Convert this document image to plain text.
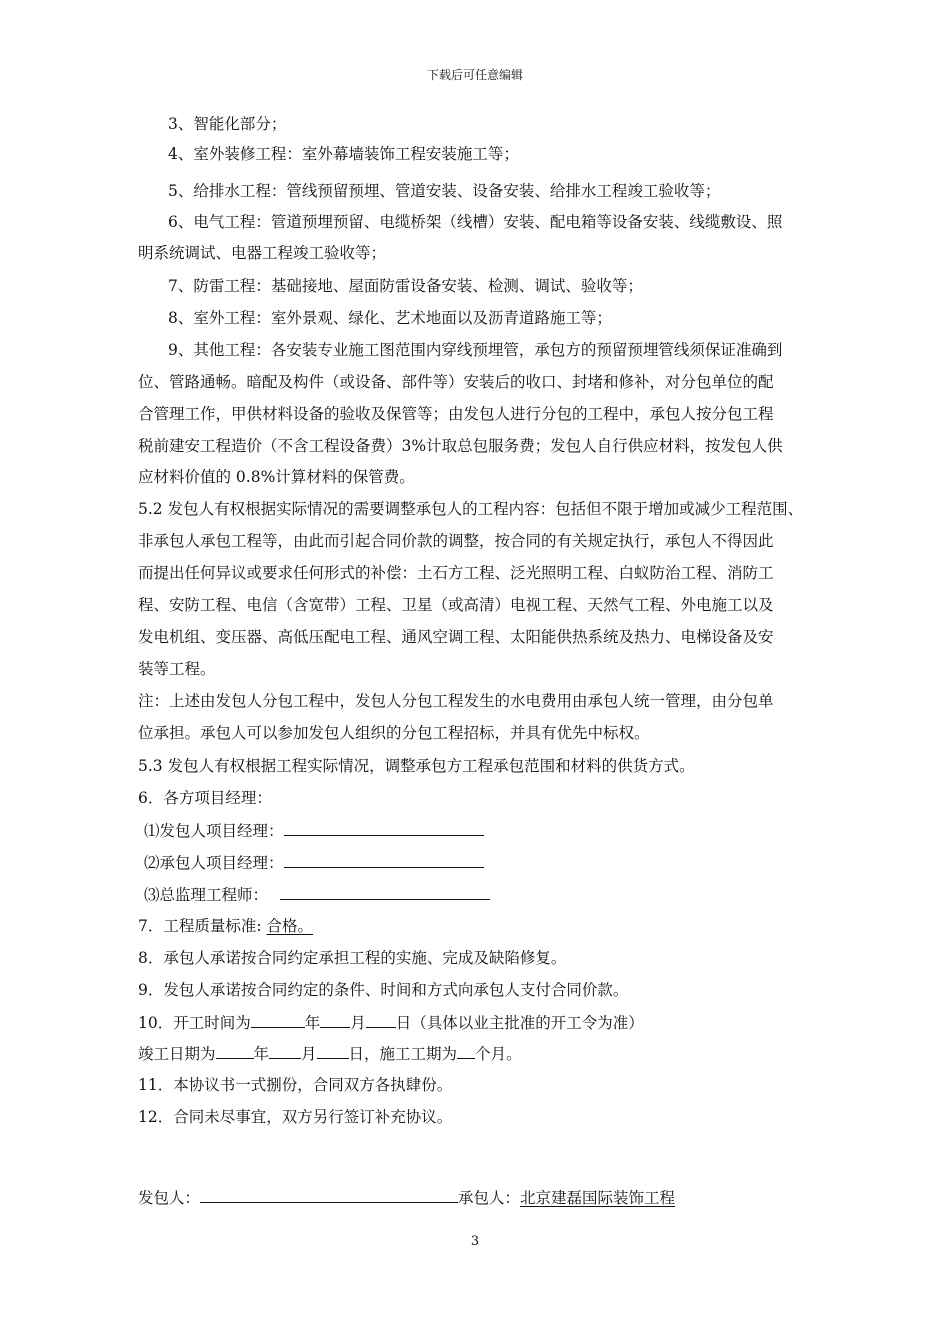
下载后可任意编辑
3、智能化部分；
4、室外装修工程：室外幕墙装饰工程安装施工等；
5、给排水工程：管线预留预埋、管道安装、设备安装、给排水工程竣工验收等；
6、电气工程：管道预埋预留、电缆桥架（线槽）安装、配电箱等设备安装、线缆敷设、照
明系统调试、电器工程竣工验收等；
7、防雷工程：基础接地、屋面防雷设备安装、检测、调试、验收等；
8、室外工程：室外景观、绿化、艺术地面以及沥青道路施工等；
9、其他工程：各安装专业施工图范围内穿线预埋管，承包方的预留预埋管线须保证准确到
位、管路通畅。暗配及构件（或设备、部件等）安装后的收口、封堵和修补，对分包单位的配
合管理工作，甲供材料设备的验收及保管等；由发包人进行分包的工程中，承包人按分包工程
税前建安工程造价（不含工程设备费）3%计取总包服务费；发包人自行供应材料，按发包人供
应材料价值的 0.8%计算材料的保管费。
5.2 发包人有权根据实际情况的需要调整承包人的工程内容：包括但不限于增加或减少工程范围、
非承包人承包工程等，由此而引起合同价款的调整，按合同的有关规定执行，承包人不得因此
而提出任何异议或要求任何形式的补偿：土石方工程、泛光照明工程、白蚁防治工程、消防工
程、安防工程、电信（含宽带）工程、卫星（或高清）电视工程、天然气工程、外电施工以及
发电机组、变压器、高低压配电工程、通风空调工程、太阳能供热系统及热力、电梯设备及安
装等工程。
注：上述由发包人分包工程中，发包人分包工程发生的水电费用由承包人统一管理，由分包单
位承担。承包人可以参加发包人组织的分包工程招标，并具有优先中标权。
5.3 发包人有权根据工程实际情况，调整承包方工程承包范围和材料的供货方式。
6．各方项目经理：
⑴发包人项目经理：
⑵承包人项目经理：
⑶总监理工程师：
7．工程质量标准: 合格。
8．承包人承诺按合同约定承担工程的实施、完成及缺陷修复。
9．发包人承诺按合同约定的条件、时间和方式向承包人支付合同价款。
10．开工时间为	年 月 日（具体以业主批准的开工令为准）
竣工日期为 年 月 日，施工工期为 个月。
11．本协议书一式捌份，合同双方各执肆份。
12．合同未尽事宜，双方另行签订补充协议。
发包人：	承包人：北京建磊国际装饰工程
3
